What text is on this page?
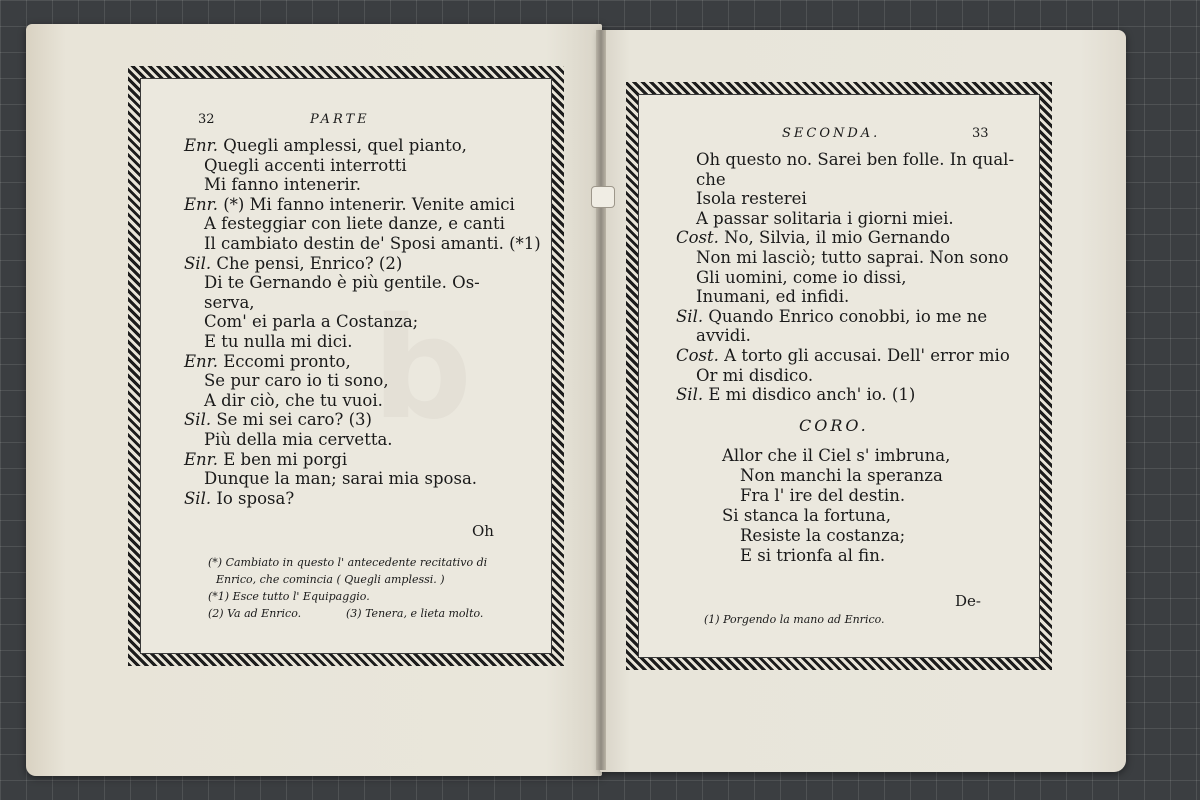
b
32	PARTE
Enr. Quegli amplessi, quel pianto,
Quegli accenti interrotti
Mi fanno intenerir.
Enr. (*) Mi fanno intenerir. Venite amici
A festeggiar con liete danze, e canti
Il cambiato destin de' Sposi amanti. (*1)
Sil. Che pensi, Enrico? (2)
Di te Gernando è più gentile. Os-
serva,
Com' ei parla a Costanza;
E tu nulla mi dici.
Enr. Eccomi pronto,
Se pur caro io ti sono,
A dir ciò, che tu vuoi.
Sil. Se mi sei caro? (3)
Più della mia cervetta.
Enr. E ben mi porgi
Dunque la man; sarai mia sposa.
Sil. Io sposa?
Oh
(*) Cambiato in questo l' antecedente recitativo di
Enrico, che comincia ( Quegli amplessi. )
(*1) Esce tutto l' Equipaggio.
(2) Va ad Enrico.	(3) Tenera, e lieta molto.
SECONDA.	33
Oh questo no. Sarei ben folle. In qual-
che
Isola resterei
A passar solitaria i giorni miei.
Cost. No, Silvia, il mio Gernando
Non mi lasciò; tutto saprai. Non sono
Gli uomini, come io dissi,
Inumani, ed infidi.
Sil. Quando Enrico conobbi, io me ne
avvidi.
Cost. A torto gli accusai. Dell' error mio
Or mi disdico.
Sil. E mi disdico anch' io. (1)
CORO.
Allor che il Ciel s' imbruna,
Non manchi la speranza
Fra l' ire del destin.
Si stanca la fortuna,
Resiste la costanza;
E si trionfa al fin.
De-
(1) Porgendo la mano ad Enrico.
